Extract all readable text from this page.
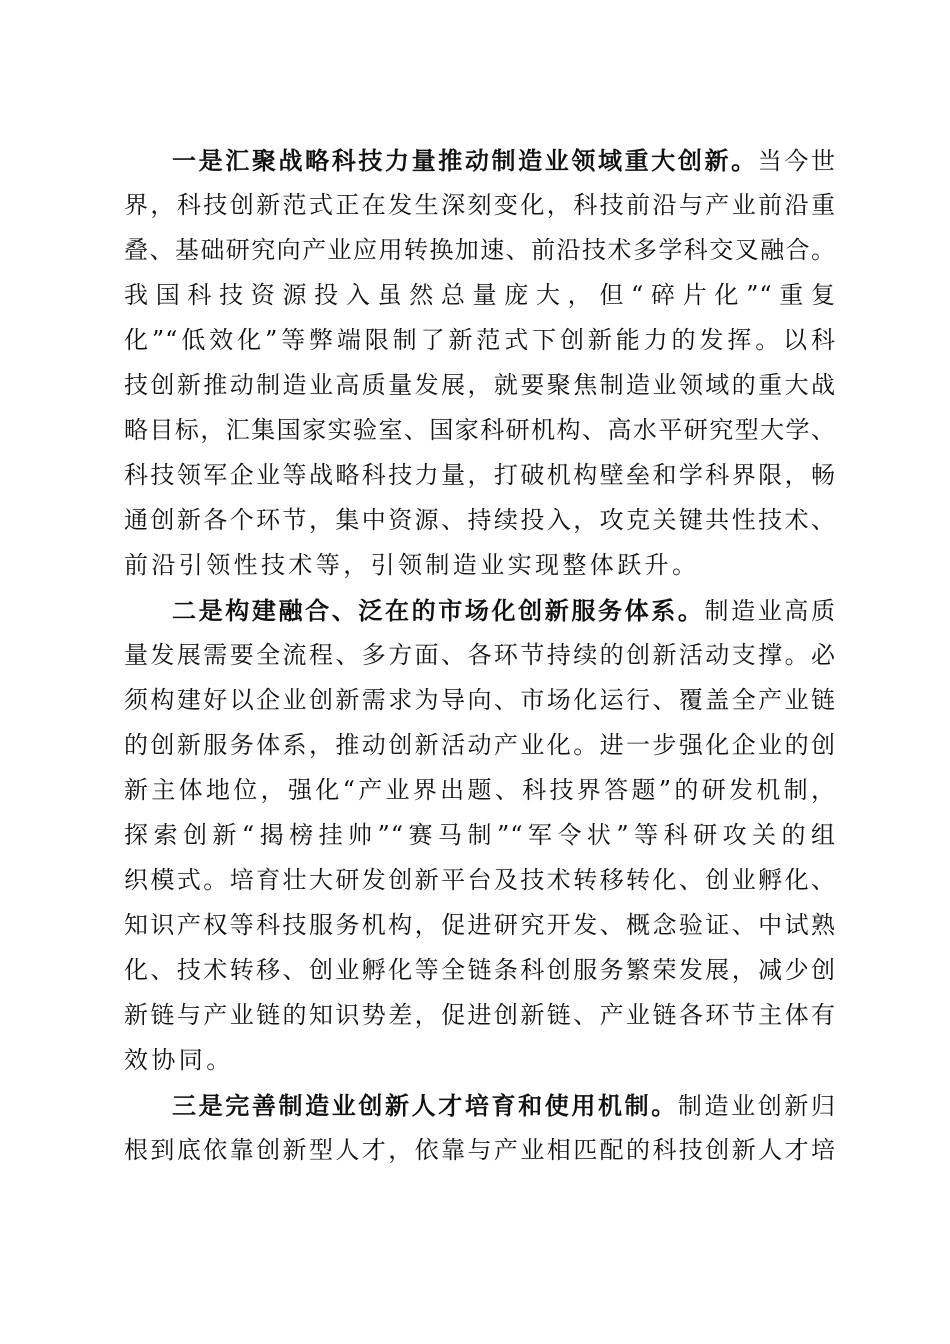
一是汇聚战略科技力量推动制造业领域重大创新。当今世
界，科技创新范式正在发生深刻变化，科技前沿与产业前沿重
叠、基础研究向产业应用转换加速、前沿技术多学科交叉融合。
我国科技资源投入虽然总量庞大，但“碎片化”“重复
化”“低效化”等弊端限制了新范式下创新能力的发挥。以科
技创新推动制造业高质量发展，就要聚焦制造业领域的重大战
略目标，汇集国家实验室、国家科研机构、高水平研究型大学、
科技领军企业等战略科技力量，打破机构壁垒和学科界限，畅
通创新各个环节，集中资源、持续投入，攻克关键共性技术、
前沿引领性技术等，引领制造业实现整体跃升。
二是构建融合、泛在的市场化创新服务体系。制造业高质
量发展需要全流程、多方面、各环节持续的创新活动支撑。必
须构建好以企业创新需求为导向、市场化运行、覆盖全产业链
的创新服务体系，推动创新活动产业化。进一步强化企业的创
新主体地位，强化“产业界出题、科技界答题”的研发机制，
探索创新“揭榜挂帅”“赛马制”“军令状”等科研攻关的组
织模式。培育壮大研发创新平台及技术转移转化、创业孵化、
知识产权等科技服务机构，促进研究开发、概念验证、中试熟
化、技术转移、创业孵化等全链条科创服务繁荣发展，减少创
新链与产业链的知识势差，促进创新链、产业链各环节主体有
效协同。
三是完善制造业创新人才培育和使用机制。制造业创新归
根到底依靠创新型人才，依靠与产业相匹配的科技创新人才培
